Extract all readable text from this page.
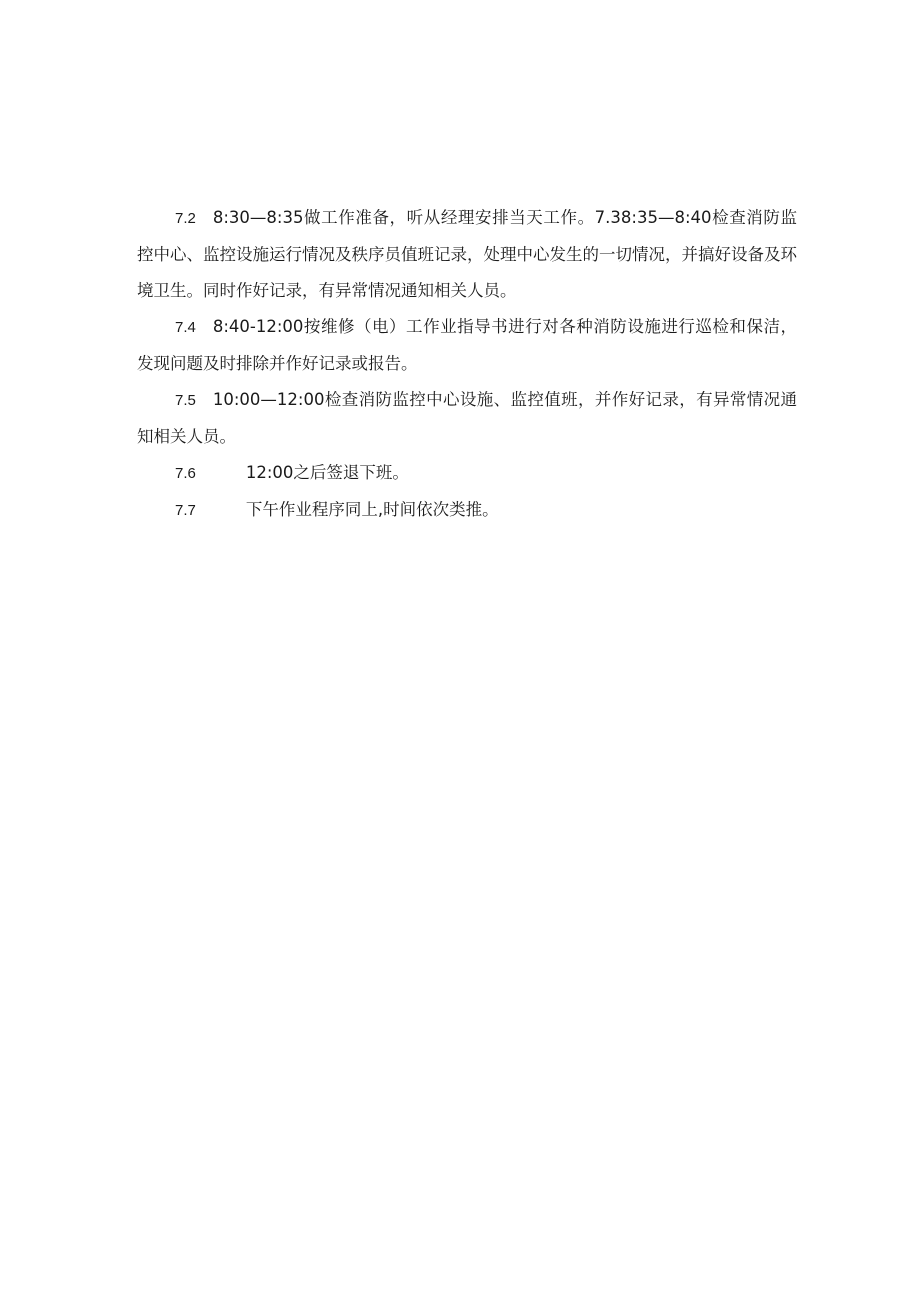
7.2 8:30—8:35做工作准备，听从经理安排当天工作。7.38:35—8:40检查消防监控中心、监控设施运行情况及秩序员值班记录，处理中心发生的一切情况，并搞好设备及环境卫生。同时作好记录，有异常情况通知相关人员。

7.4 8:40-12:00按维修（电）工作业指导书进行对各种消防设施进行巡检和保洁，发现问题及时排除并作好记录或报告。

7.5 10:00—12:00检查消防监控中心设施、监控值班，并作好记录，有异常情况通知相关人员。

7.6	12:00之后签退下班。

7.7	下午作业程序同上,时间依次类推。
